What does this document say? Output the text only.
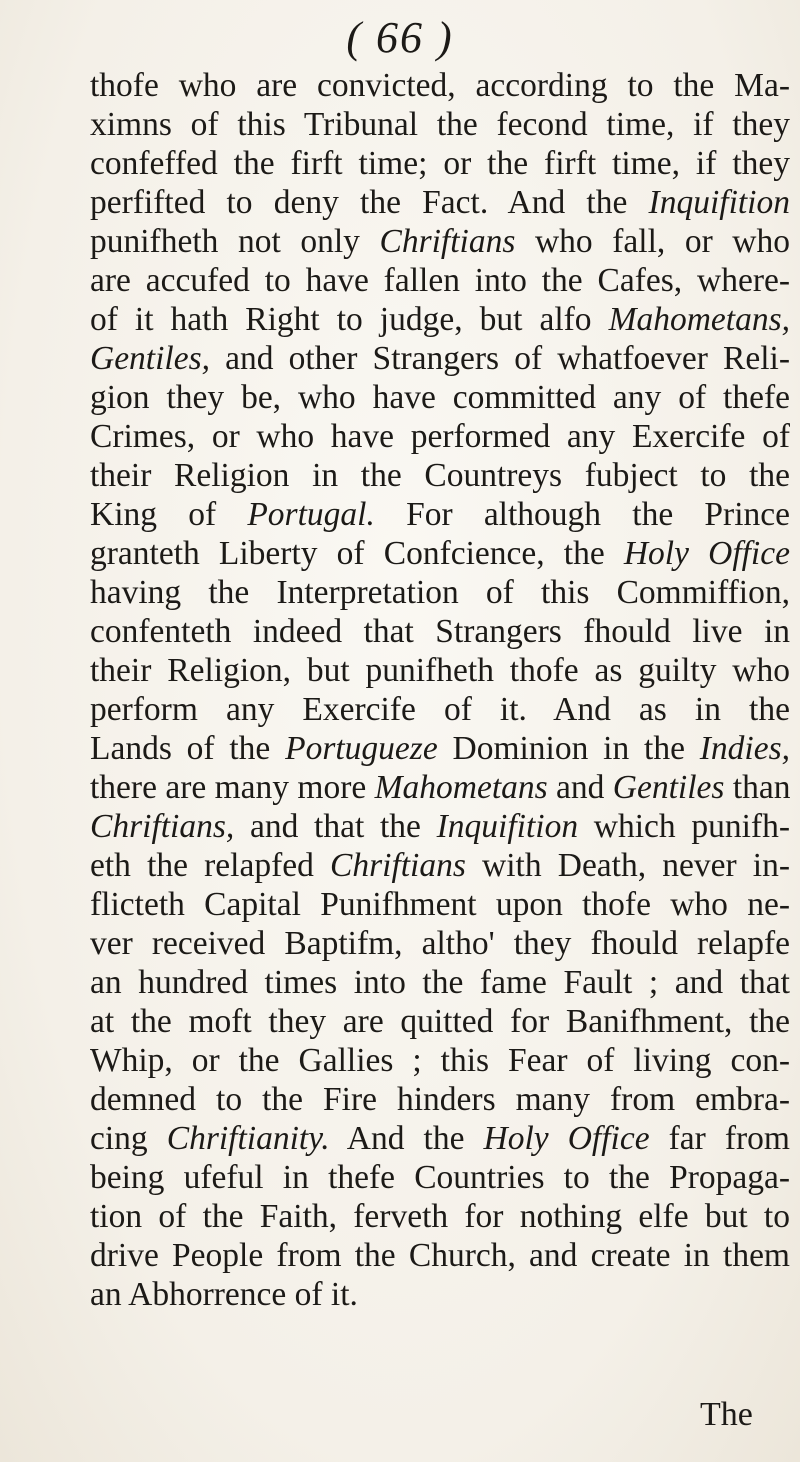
( 66 )
thofe who are convicted, according to the Ma-
ximns of this Tribunal the fecond time, if they
confeffed the firft time; or the firft time, if they
perfifted to deny the Fact. And the Inquifition
punifheth not only Chriftians who fall, or who
are accufed to have fallen into the Cafes, where-
of it hath Right to judge, but alfo Mahometans,
Gentiles, and other Strangers of whatfoever Reli-
gion they be, who have committed any of thefe
Crimes, or who have performed any Exercife of
their Religion in the Countreys fubject to the
King of Portugal. For although the Prince
granteth Liberty of Confcience, the Holy Office
having the Interpretation of this Commiffion,
confenteth indeed that Strangers fhould live in
their Religion, but punifheth thofe as guilty who
perform any Exercife of it. And as in the
Lands of the Portugueze Dominion in the Indies,
there are many more Mahometans and Gentiles than
Chriftians, and that the Inquifition which punifh-
eth the relapfed Chriftians with Death, never in-
flicteth Capital Punifhment upon thofe who ne-
ver received Baptifm, altho' they fhould relapfe
an hundred times into the fame Fault ; and that
at the moft they are quitted for Banifhment, the
Whip, or the Gallies ; this Fear of living con-
demned to the Fire hinders many from embra-
cing Chriftianity. And the Holy Office far from
being ufeful in thefe Countries to the Propaga-
tion of the Faith, ferveth for nothing elfe but to
drive People from the Church, and create in them
an Abhorrence of it.
The
